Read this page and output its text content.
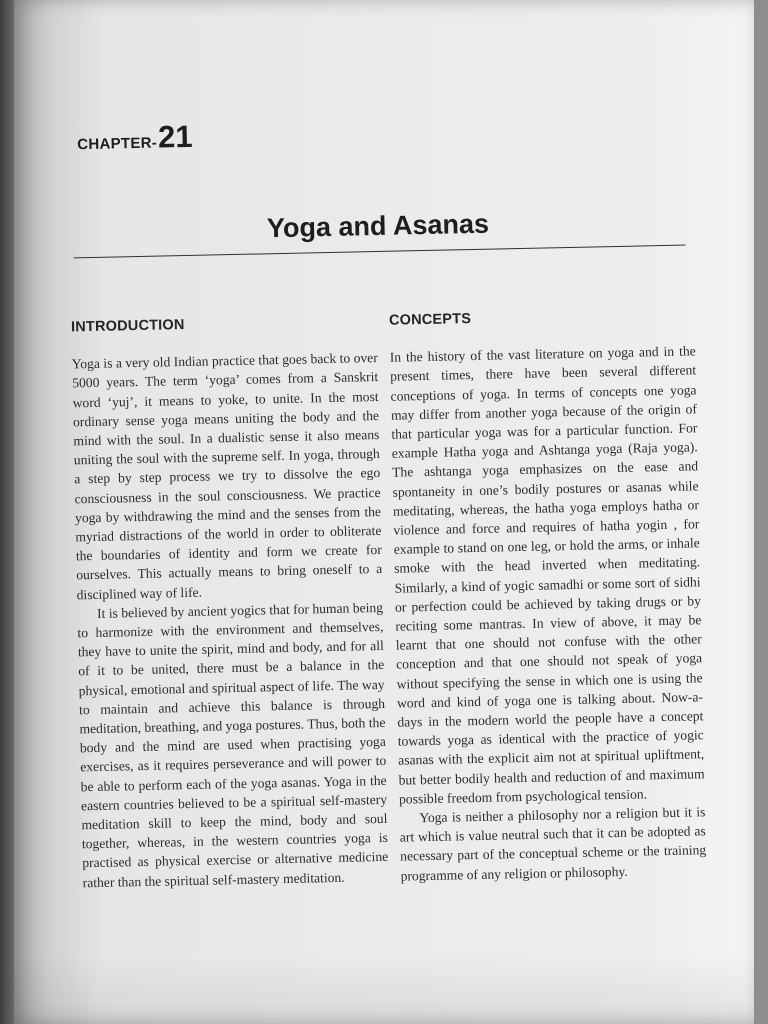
CHAPTER-21
Yoga and Asanas
INTRODUCTION

Yoga is a very old Indian practice that goes back to over 5000 years. The term ‘yoga’ comes from a Sanskrit word ‘yuj’, it means to yoke, to unite. In the most ordinary sense yoga means uniting the body and the mind with the soul. In a dualistic sense it also means uniting the soul with the supreme self. In yoga, through a step by step process we try to dissolve the ego consciousness in the soul consciousness. We practice yoga by withdrawing the mind and the senses from the myriad distractions of the world in order to obliterate the boundaries of identity and form we create for ourselves. This actually means to bring oneself to a disciplined way of life.

It is believed by ancient yogics that for human being to harmonize with the environment and themselves, they have to unite the spirit, mind and body, and for all of it to be united, there must be a balance in the physical, emotional and spiritual aspect of life. The way to maintain and achieve this balance is through meditation, breathing, and yoga postures. Thus, both the body and the mind are used when practising yoga exercises, as it requires perseverance and will power to be able to perform each of the yoga asanas. Yoga in the eastern countries believed to be a spiritual self-mastery meditation skill to keep the mind, body and soul together, whereas, in the western countries yoga is practised as physical exercise or alternative medicine rather than the spiritual self-mastery meditation.

CONCEPTS

In the history of the vast literature on yoga and in the present times, there have been several different conceptions of yoga. In terms of concepts one yoga may differ from another yoga because of the origin of that particular yoga was for a particular function. For example Hatha yoga and Ashtanga yoga (Raja yoga). The ashtanga yoga emphasizes on the ease and spontaneity in one’s bodily postures or asanas while meditating, whereas, the hatha yoga employs hatha or violence and force and requires of hatha yogin , for example to stand on one leg, or hold the arms, or inhale smoke with the head inverted when meditating. Similarly, a kind of yogic samadhi or some sort of sidhi or perfection could be achieved by taking drugs or by reciting some mantras. In view of above, it may be learnt that one should not confuse with the other conception and that one should not speak of yoga without specifying the sense in which one is using the word and kind of yoga one is talking about. Now-a-days in the modern world the people have a concept towards yoga as identical with the practice of yogic asanas with the explicit aim not at spiritual upliftment, but better bodily health and reduction of and maximum possible freedom from psychological tension.

Yoga is neither a philosophy nor a religion but it is art which is value neutral such that it can be adopted as necessary part of the conceptual scheme or the training programme of any religion or philosophy.
